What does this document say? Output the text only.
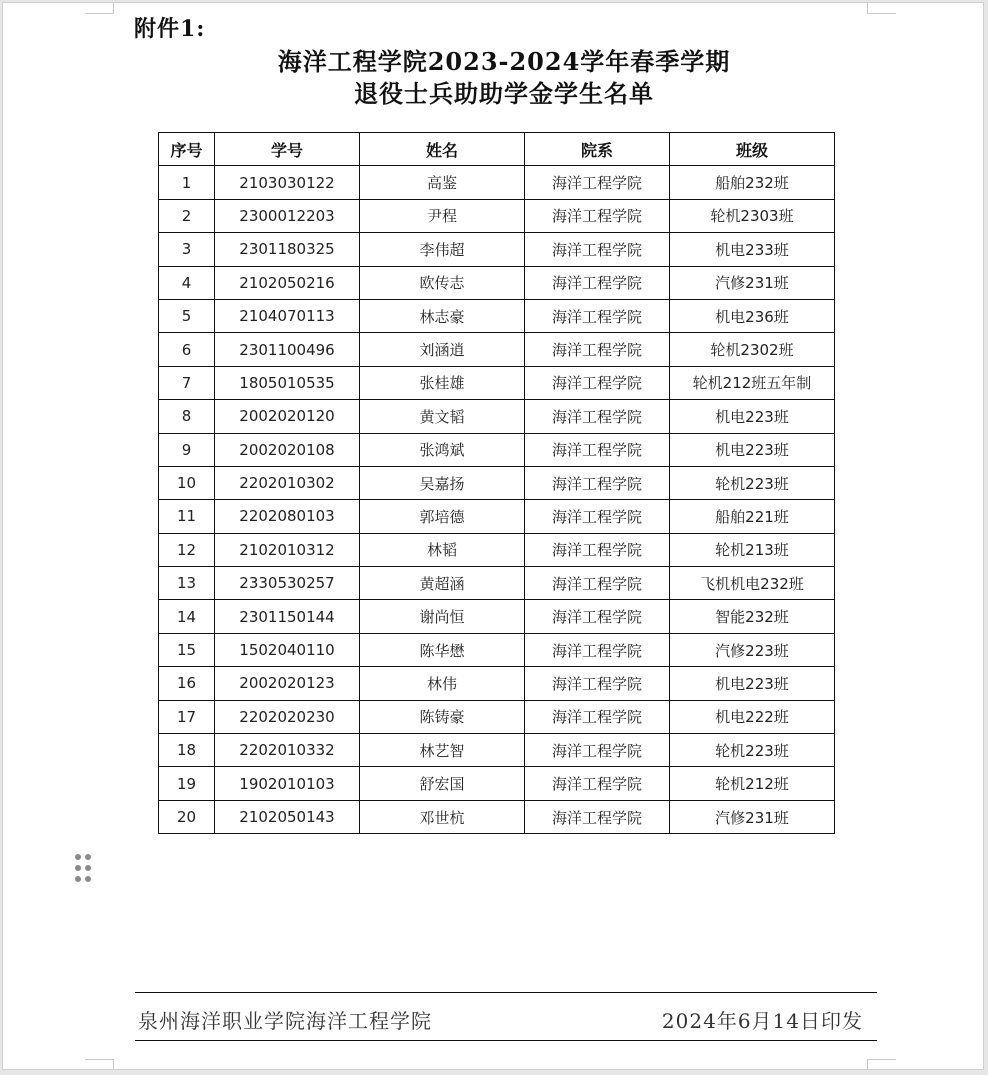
附件1:
海洋工程学院2023-2024学年春季学期
退役士兵助助学金学生名单
序号	学号	姓名	院系	班级
1	2103030122	高鉴	海洋工程学院	船舶232班
2	2300012203	尹程	海洋工程学院	轮机2303班
3	2301180325	李伟超	海洋工程学院	机电233班
4	2102050216	欧传志	海洋工程学院	汽修231班
5	2104070113	林志豪	海洋工程学院	机电236班
6	2301100496	刘涵逍	海洋工程学院	轮机2302班
7	1805010535	张桂雄	海洋工程学院	轮机212班五年制
8	2002020120	黄文韬	海洋工程学院	机电223班
9	2002020108	张鸿斌	海洋工程学院	机电223班
10	2202010302	吴嘉扬	海洋工程学院	轮机223班
11	2202080103	郭培德	海洋工程学院	船舶221班
12	2102010312	林韬	海洋工程学院	轮机213班
13	2330530257	黄超涵	海洋工程学院	飞机机电232班
14	2301150144	谢尚恒	海洋工程学院	智能232班
15	1502040110	陈华懋	海洋工程学院	汽修223班
16	2002020123	林伟	海洋工程学院	机电223班
17	2202020230	陈铸豪	海洋工程学院	机电222班
18	2202010332	林艺智	海洋工程学院	轮机223班
19	1902010103	舒宏国	海洋工程学院	轮机212班
20	2102050143	邓世杭	海洋工程学院	汽修231班
泉州海洋职业学院海洋工程学院	2024年6月14日印发
